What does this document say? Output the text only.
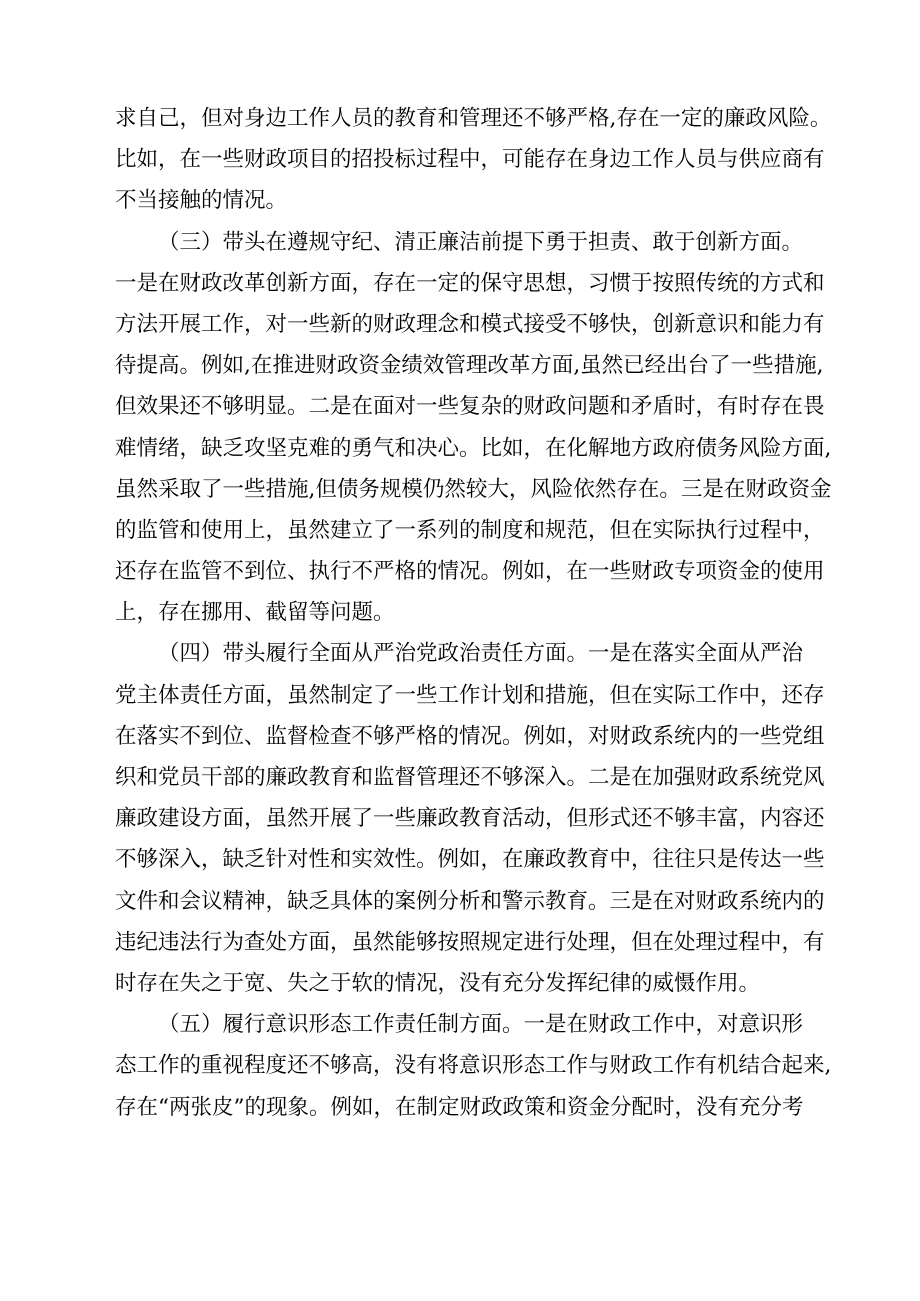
求自己，但对身边工作人员的教育和管理还不够严格,存在一定的廉政风险。
比如，在一些财政项目的招投标过程中，可能存在身边工作人员与供应商有
不当接触的情况。
（三）带头在遵规守纪、清正廉洁前提下勇于担责、敢于创新方面。
一是在财政改革创新方面，存在一定的保守思想，习惯于按照传统的方式和
方法开展工作，对一些新的财政理念和模式接受不够快，创新意识和能力有
待提高。例如,在推进财政资金绩效管理改革方面,虽然已经出台了一些措施,
但效果还不够明显。二是在面对一些复杂的财政问题和矛盾时，有时存在畏
难情绪，缺乏攻坚克难的勇气和决心。比如，在化解地方政府债务风险方面,
虽然采取了一些措施,但债务规模仍然较大，风险依然存在。三是在财政资金
的监管和使用上，虽然建立了一系列的制度和规范，但在实际执行过程中，
还存在监管不到位、执行不严格的情况。例如，在一些财政专项资金的使用
上，存在挪用、截留等问题。
（四）带头履行全面从严治党政治责任方面。一是在落实全面从严治
党主体责任方面，虽然制定了一些工作计划和措施，但在实际工作中，还存
在落实不到位、监督检查不够严格的情况。例如，对财政系统内的一些党组
织和党员干部的廉政教育和监督管理还不够深入。二是在加强财政系统党风
廉政建设方面，虽然开展了一些廉政教育活动，但形式还不够丰富，内容还
不够深入，缺乏针对性和实效性。例如，在廉政教育中，往往只是传达一些
文件和会议精神，缺乏具体的案例分析和警示教育。三是在对财政系统内的
违纪违法行为查处方面，虽然能够按照规定进行处理，但在处理过程中，有
时存在失之于宽、失之于软的情况，没有充分发挥纪律的威慑作用。
（五）履行意识形态工作责任制方面。一是在财政工作中，对意识形
态工作的重视程度还不够高，没有将意识形态工作与财政工作有机结合起来,
存在“两张皮”的现象。例如，在制定财政政策和资金分配时，没有充分考
